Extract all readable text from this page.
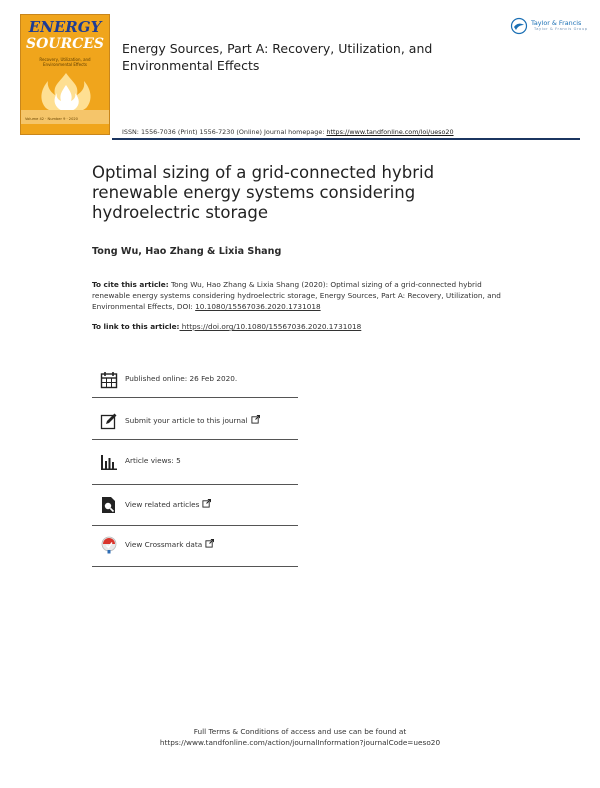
ENERGY
SOURCES
Recovery, Utilization, and Environmental Effects
Volume 42 · Number 9 · 2020
Energy Sources, Part A: Recovery, Utilization, and Environmental Effects
Taylor & Francis
Taylor & Francis Group
ISSN: 1556-7036 (Print) 1556-7230 (Online) Journal homepage: https://www.tandfonline.com/loi/ueso20
Optimal sizing of a grid-connected hybrid renewable energy systems considering hydroelectric storage
Tong Wu, Hao Zhang & Lixia Shang
To cite this article: Tong Wu, Hao Zhang & Lixia Shang (2020): Optimal sizing of a grid-connected hybrid renewable energy systems considering hydroelectric storage, Energy Sources, Part A: Recovery, Utilization, and Environmental Effects, DOI: 10.1080/15567036.2020.1731018
To link to this article: https://doi.org/10.1080/15567036.2020.1731018
Published online: 26 Feb 2020.
Submit your article to this journal
Article views: 5
View related articles
View Crossmark data
Full Terms & Conditions of access and use can be found at
https://www.tandfonline.com/action/journalInformation?journalCode=ueso20
